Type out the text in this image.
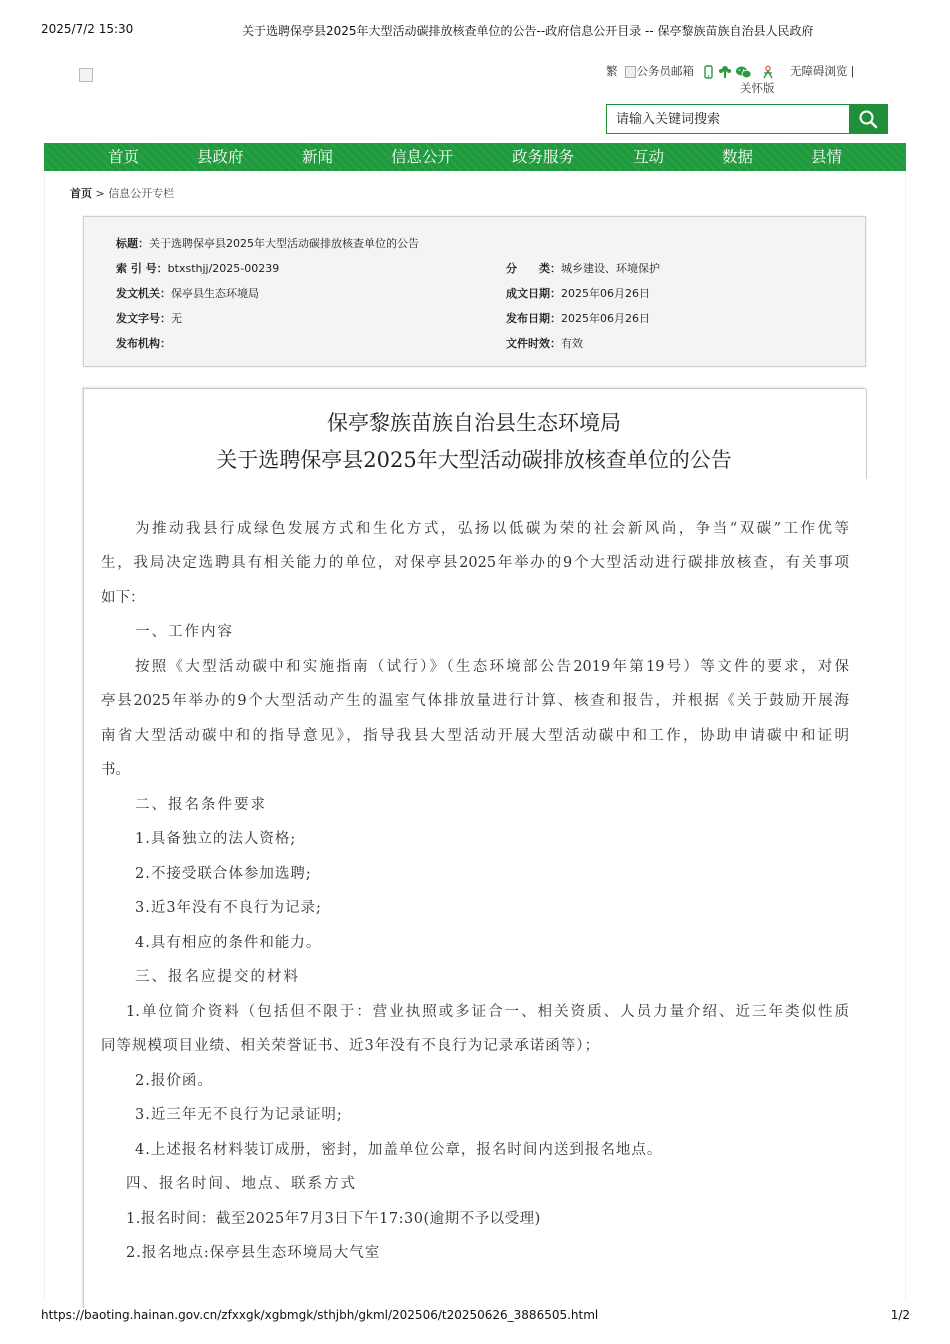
2025/7/2 15:30	关于选聘保亭县2025年大型活动碳排放核查单位的公告--政府信息公开目录 -- 保亭黎族苗族自治县人民政府
繁 公务员邮箱	无障碍浏览 |
关怀版
请输入关键词搜索
首页	县政府	新闻	信息公开	政务服务	互动	数据	县情
首页 > 信息公开专栏
标题：关于选聘保亭县2025年大型活动碳排放核查单位的公告
索 引 号：btxsthjj/2025-00239	分　　类：城乡建设、环境保护
发文机关：保亭县生态环境局	成文日期：2025年06月26日
发文字号：无	发布日期：2025年06月26日
发布机构：	文件时效：有效
保亭黎族苗族自治县生态环境局
关于选聘保亭县2025年大型活动碳排放核查单位的公告
为推动我县行成绿色发展方式和生化方式，弘扬以低碳为荣的社会新风尚，争当“双碳”工作优等
生，我局决定选聘具有相关能力的单位，对保亭县2025年举办的9个大型活动进行碳排放核查，有关事项
如下：
一、工作内容
按照《大型活动碳中和实施指南（试行）》（生态环境部公告2019年第19号）等文件的要求，对保
亭县2025年举办的9个大型活动产生的温室气体排放量进行计算、核查和报告，并根据《关于鼓励开展海
南省大型活动碳中和的指导意见》，指导我县大型活动开展大型活动碳中和工作，协助申请碳中和证明
书。
二、报名条件要求
1.具备独立的法人资格;
2.不接受联合体参加选聘;
3.近3年没有不良行为记录;
4.具有相应的条件和能力。
三、报名应提交的材料
1.单位简介资料（包括但不限于：营业执照或多证合一、相关资质、人员力量介绍、近三年类似性质
同等规模项目业绩、相关荣誉证书、近3年没有不良行为记录承诺函等）；
2.报价函。
3.近三年无不良行为记录证明;
4.上述报名材料装订成册，密封，加盖单位公章，报名时间内送到报名地点。
四、报名时间、地点、联系方式
1.报名时间：截至2025年7月3日下午17:30(逾期不予以受理)
2.报名地点:保亭县生态环境局大气室
https://baoting.hainan.gov.cn/zfxxgk/xgbmgk/sthjbh/gkml/202506/t20250626_3886505.html	1/2
